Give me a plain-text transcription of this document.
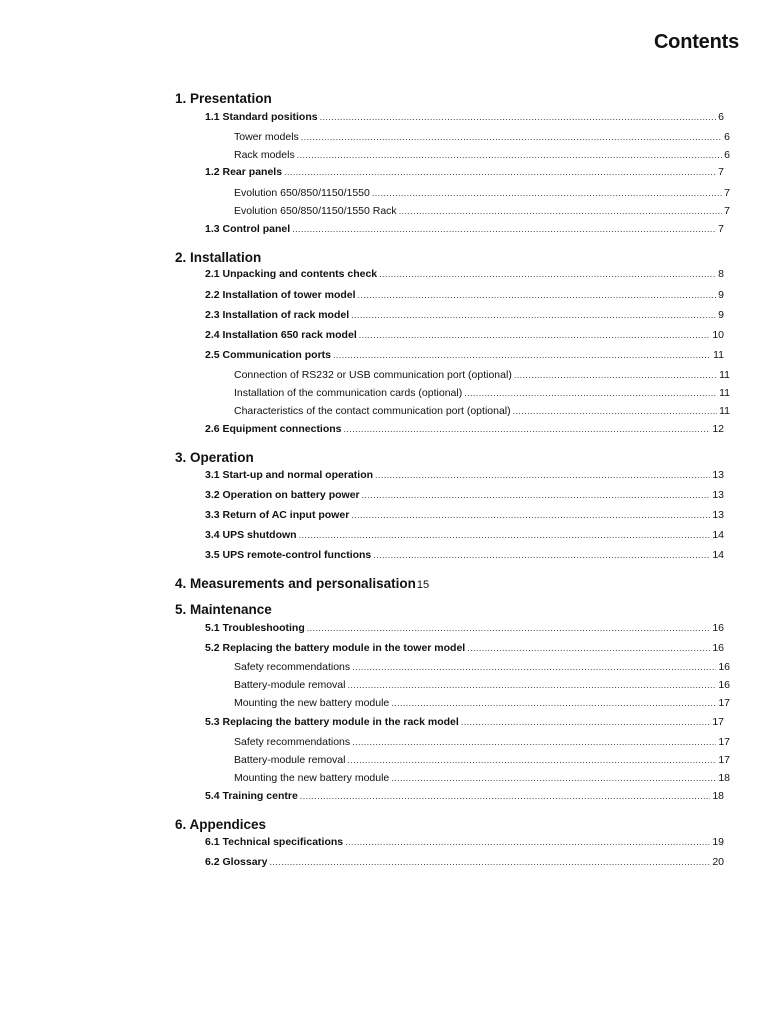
Contents
1. Presentation
1.1 Standard positions .....	6
Tower models .....	6
Rack models .....	6
1.2 Rear panels .....	7
Evolution 650/850/1150/1550 .....	7
Evolution 650/850/1150/1550 Rack .....	7
1.3 Control panel .....	7
2. Installation
2.1 Unpacking and contents check .....	8
2.2 Installation of tower model .....	9
2.3 Installation of rack model .....	9
2.4 Installation 650 rack model .....	10
2.5 Communication ports .....	11
Connection of RS232 or USB communication port (optional) .....	11
Installation of the communication cards (optional) .....	11
Characteristics of the contact communication port (optional) .....	11
2.6 Equipment connections .....	12
3. Operation
3.1 Start-up and normal operation .....	13
3.2 Operation on battery power .....	13
3.3 Return of AC input power .....	13
3.4 UPS shutdown .....	14
3.5 UPS remote-control functions .....	14
4. Measurements and personalisation 15
5. Maintenance
5.1 Troubleshooting .....	16
5.2 Replacing the battery module in the tower model .....	16
Safety recommendations .....	16
Battery-module removal .....	16
Mounting the new battery module .....	17
5.3 Replacing the battery module in the rack model .....	17
Safety recommendations .....	17
Battery-module removal .....	17
Mounting the new battery module .....	18
5.4 Training centre .....	18
6. Appendices
6.1 Technical specifications .....	19
6.2 Glossary .....	20
